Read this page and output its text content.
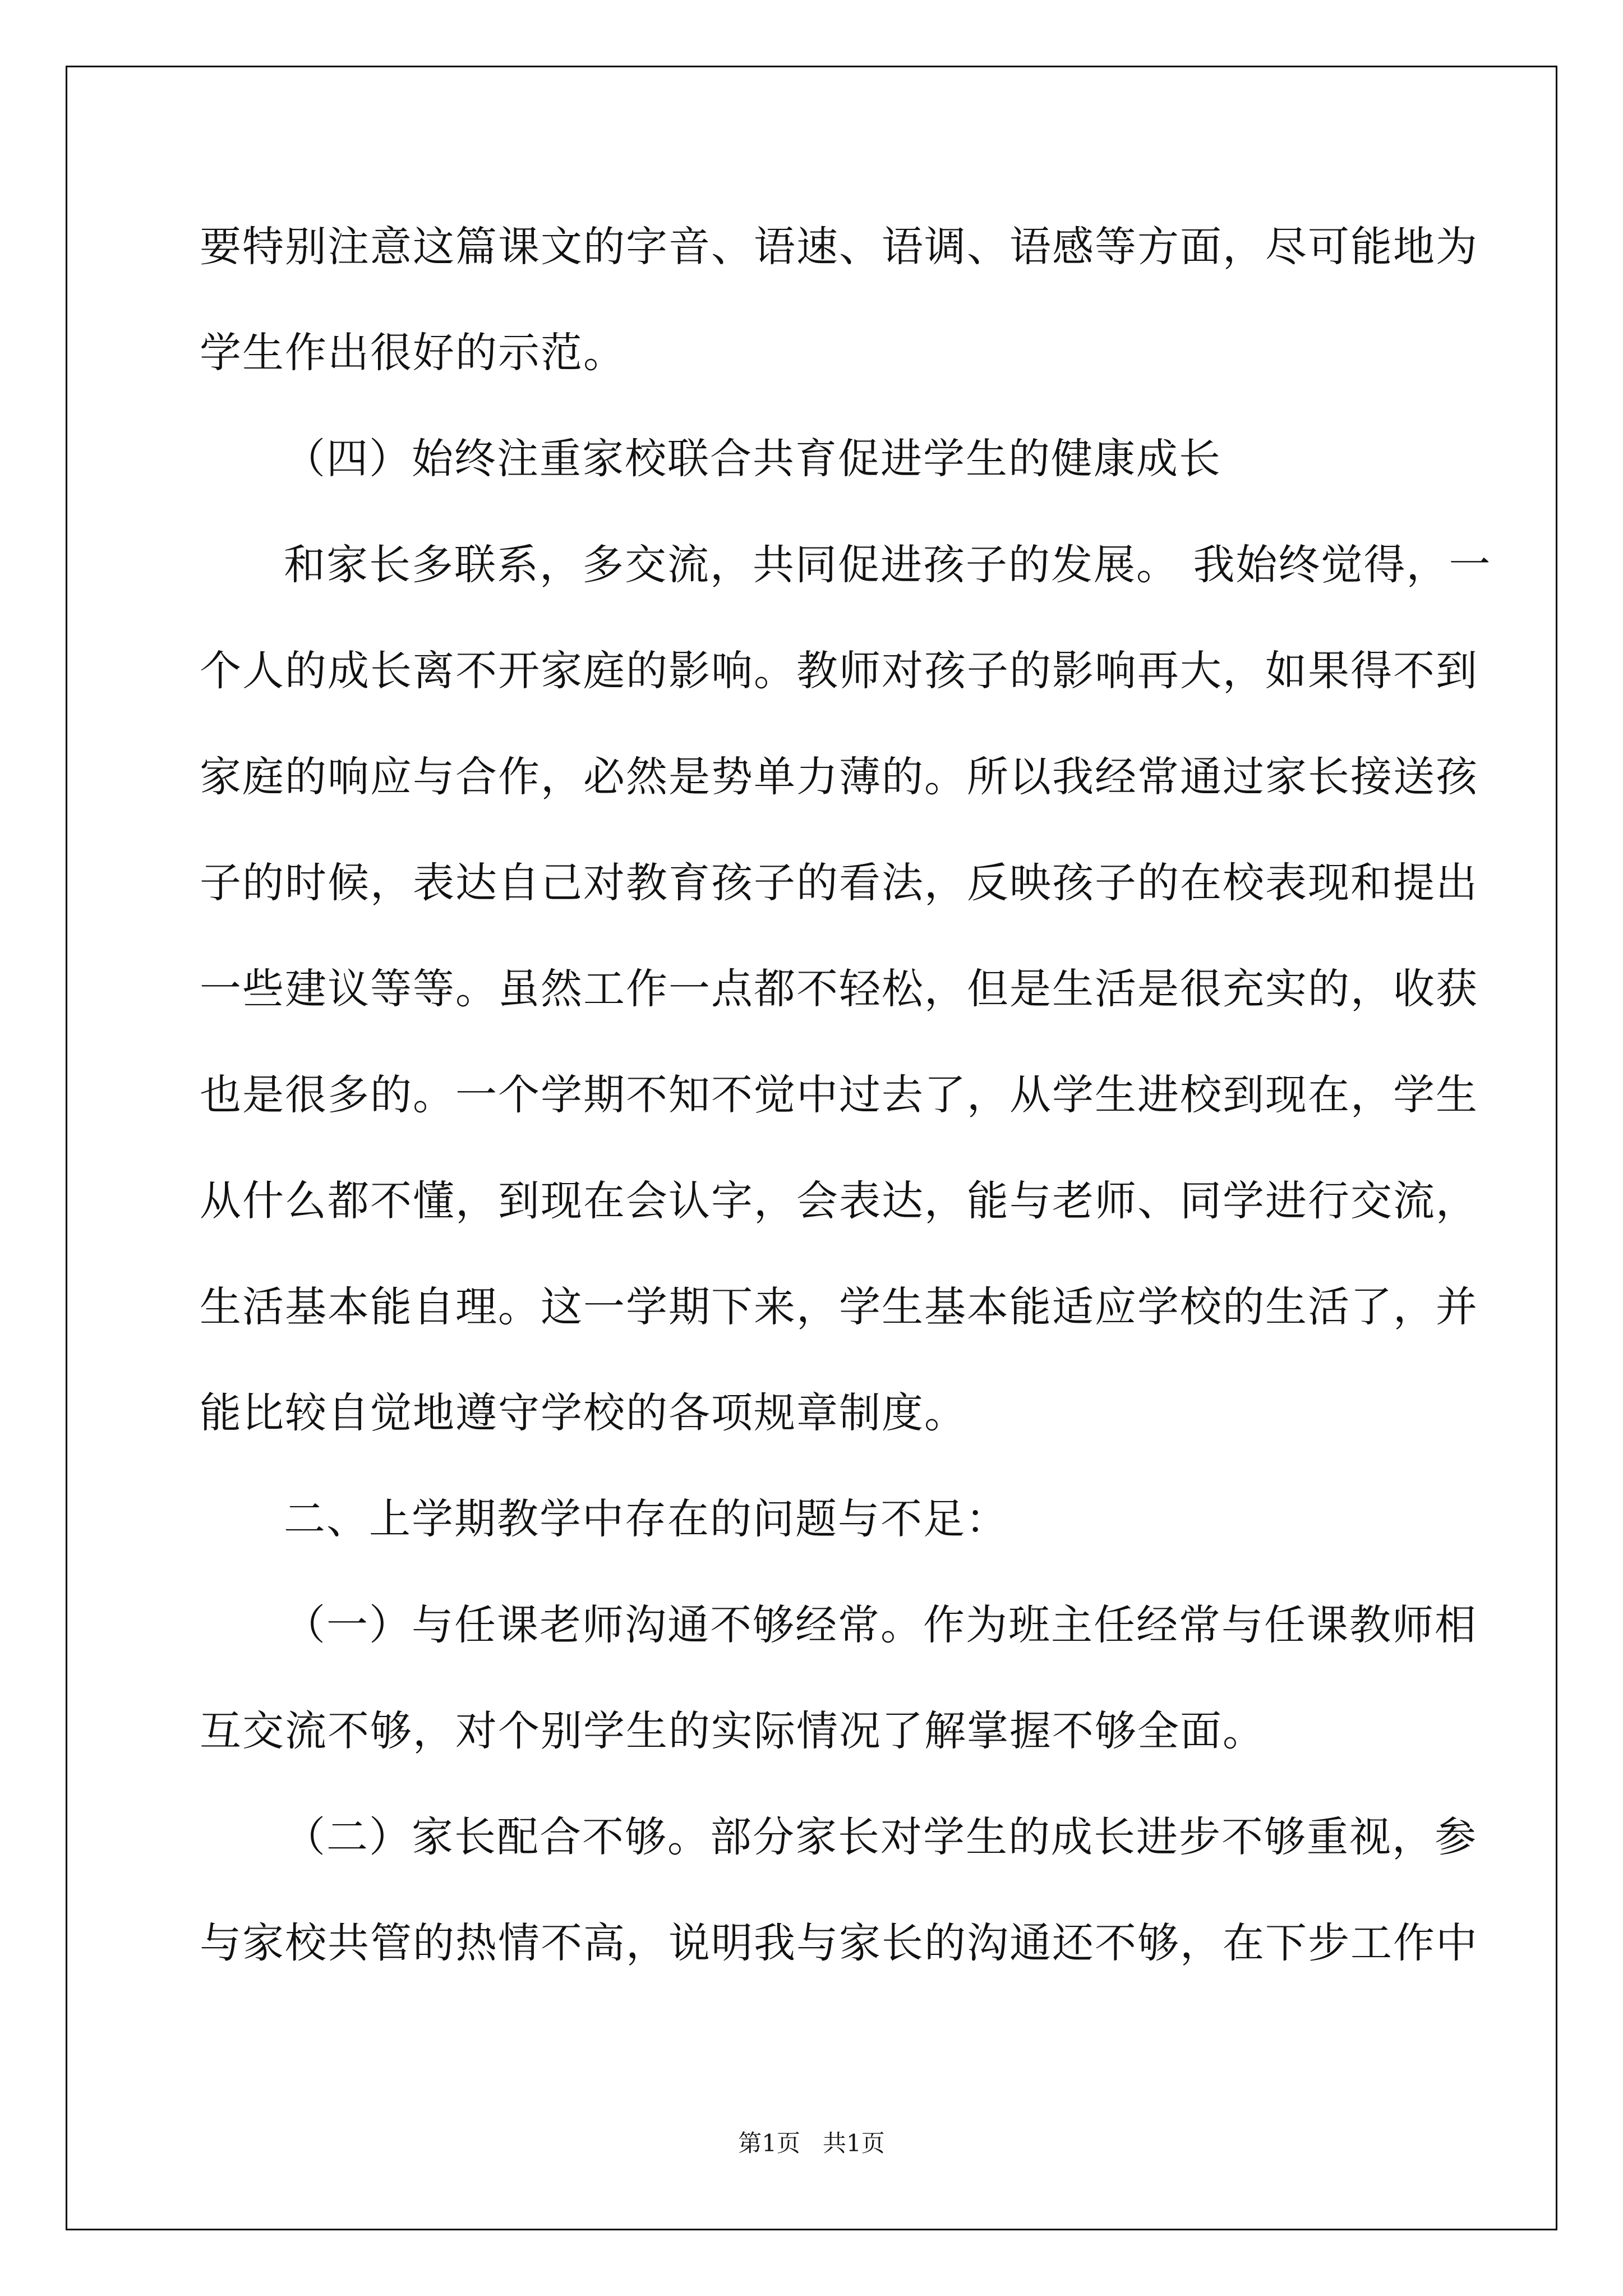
要特别注意这篇课文的字音、语速、语调、语感等方面，尽可能地为
学生作出很好的示范。
（四）始终注重家校联合共育促进学生的健康成长
和家长多联系，多交流，共同促进孩子的发展。 我始终觉得，一
个人的成长离不开家庭的影响。教师对孩子的影响再大，如果得不到
家庭的响应与合作，必然是势单力薄的。所以我经常通过家长接送孩
子的时候，表达自己对教育孩子的看法，反映孩子的在校表现和提出
一些建议等等。虽然工作一点都不轻松，但是生活是很充实的，收获
也是很多的。一个学期不知不觉中过去了，从学生进校到现在，学生
从什么都不懂，到现在会认字，会表达，能与老师、同学进行交流，
生活基本能自理。这一学期下来，学生基本能适应学校的生活了，并
能比较自觉地遵守学校的各项规章制度。
二、上学期教学中存在的问题与不足：
（一）与任课老师沟通不够经常。作为班主任经常与任课教师相
互交流不够，对个别学生的实际情况了解掌握不够全面。
（二）家长配合不够。部分家长对学生的成长进步不够重视，参
与家校共管的热情不高，说明我与家长的沟通还不够，在下步工作中
第1页   共1页
